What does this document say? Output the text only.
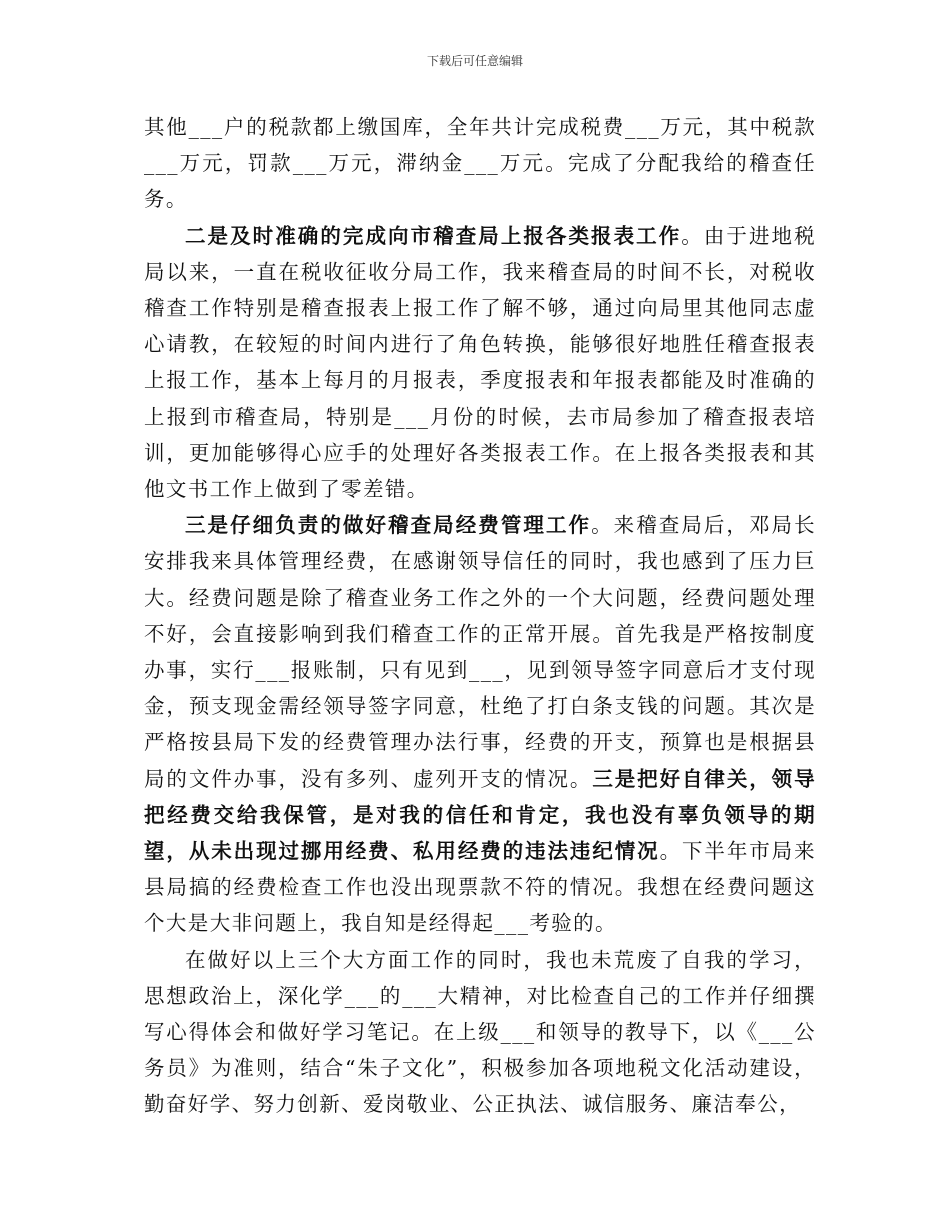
下载后可任意编辑

其他___户的税款都上缴国库，全年共计完成税费___万元，其中税款___万元，罚款___万元，滞纳金___万元。完成了分配我给的稽查任务。

二是及时准确的完成向市稽查局上报各类报表工作。由于进地税局以来，一直在税收征收分局工作，我来稽查局的时间不长，对税收稽查工作特别是稽查报表上报工作了解不够，通过向局里其他同志虚心请教，在较短的时间内进行了角色转换，能够很好地胜任稽查报表上报工作，基本上每月的月报表，季度报表和年报表都能及时准确的上报到市稽查局，特别是___月份的时候，去市局参加了稽查报表培训，更加能够得心应手的处理好各类报表工作。在上报各类报表和其他文书工作上做到了零差错。

三是仔细负责的做好稽查局经费管理工作。来稽查局后，邓局长安排我来具体管理经费，在感谢领导信任的同时，我也感到了压力巨大。经费问题是除了稽查业务工作之外的一个大问题，经费问题处理不好，会直接影响到我们稽查工作的正常开展。首先我是严格按制度办事，实行___报账制，只有见到___，见到领导签字同意后才支付现金，预支现金需经领导签字同意，杜绝了打白条支钱的问题。其次是严格按县局下发的经费管理办法行事，经费的开支，预算也是根据县局的文件办事，没有多列、虚列开支的情况。三是把好自律关，领导把经费交给我保管，是对我的信任和肯定，我也没有辜负领导的期望，从未出现过挪用经费、私用经费的违法违纪情况。下半年市局来县局搞的经费检查工作也没出现票款不符的情况。我想在经费问题这个大是大非问题上，我自知是经得起___考验的。

在做好以上三个大方面工作的同时，我也未荒废了自我的学习，思想政治上，深化学___的___大精神，对比检查自己的工作并仔细撰写心得体会和做好学习笔记。在上级___和领导的教导下，以《___公务员》为准则，结合“朱子文化”，积极参加各项地税文化活动建设，勤奋好学、努力创新、爱岗敬业、公正执法、诚信服务、廉洁奉公，
